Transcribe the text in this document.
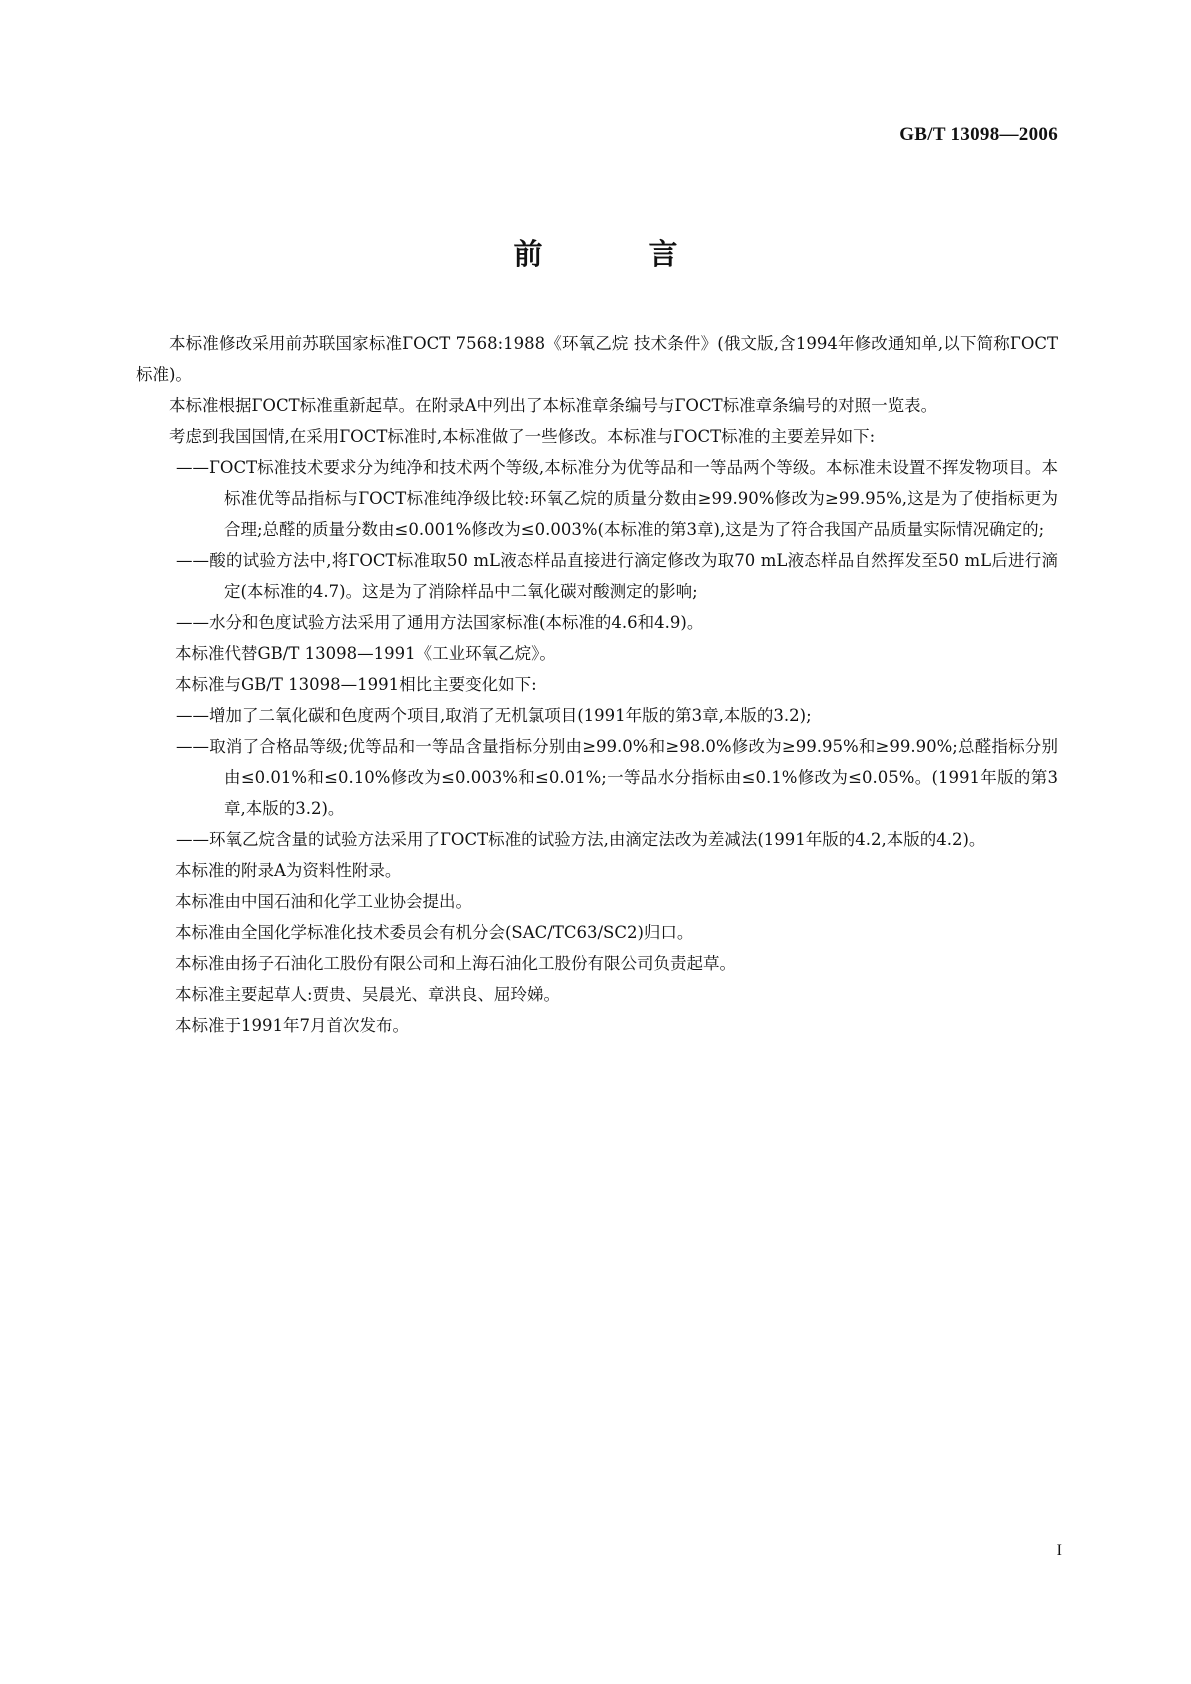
GB/T 13098—2006
前 言

本标准修改采用前苏联国家标准ГОСТ 7568:1988《环氧乙烷 技术条件》(俄文版,含1994年修改通知单,以下简称ГОСТ标准)。

本标准根据ГОСТ标准重新起草。在附录A中列出了本标准章条编号与ГОСТ标准章条编号的对照一览表。

考虑到我国国情,在采用ГОСТ标准时,本标准做了一些修改。本标准与ГОСТ标准的主要差异如下:

——ГОСТ标准技术要求分为纯净和技术两个等级,本标准分为优等品和一等品两个等级。本标准未设置不挥发物项目。本标准优等品指标与ГОСТ标准纯净级比较:环氧乙烷的质量分数由≥99.90%修改为≥99.95%,这是为了使指标更为合理;总醛的质量分数由≤0.001%修改为≤0.003%(本标准的第3章),这是为了符合我国产品质量实际情况确定的;

——酸的试验方法中,将ГОСТ标准取50 mL液态样品直接进行滴定修改为取70 mL液态样品自然挥发至50 mL后进行滴定(本标准的4.7)。这是为了消除样品中二氧化碳对酸测定的影响;

——水分和色度试验方法采用了通用方法国家标准(本标准的4.6和4.9)。

本标准代替GB/T 13098—1991《工业环氧乙烷》。

本标准与GB/T 13098—1991相比主要变化如下:

——增加了二氧化碳和色度两个项目,取消了无机氯项目(1991年版的第3章,本版的3.2);

——取消了合格品等级;优等品和一等品含量指标分别由≥99.0%和≥98.0%修改为≥99.95%和≥99.90%;总醛指标分别由≤0.01%和≤0.10%修改为≤0.003%和≤0.01%;一等品水分指标由≤0.1%修改为≤0.05%。(1991年版的第3章,本版的3.2)。

——环氧乙烷含量的试验方法采用了ГОСТ标准的试验方法,由滴定法改为差减法(1991年版的4.2,本版的4.2)。

本标准的附录A为资料性附录。

本标准由中国石油和化学工业协会提出。

本标准由全国化学标准化技术委员会有机分会(SAC/TC63/SC2)归口。

本标准由扬子石油化工股份有限公司和上海石油化工股份有限公司负责起草。

本标准主要起草人:贾贵、吴晨光、章洪良、屈玲娣。

本标准于1991年7月首次发布。

I
